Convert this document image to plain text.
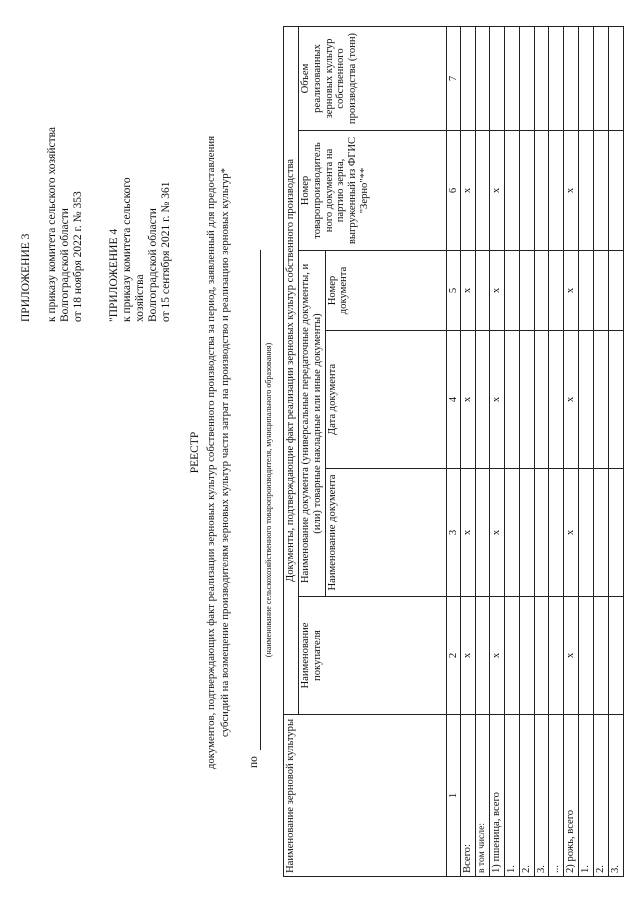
ПРИЛОЖЕНИЕ 3 к приказу комитета сельского хозяйства Волгоградской области от 18 ноября 2022 г. № 353 "ПРИЛОЖЕНИЕ 4 к приказу комитета сельского хозяйства Волгоградской области от 15 сентября 2021 г. № 361
РЕЕСТР документов, подтверждающих факт реализации зерновых культур собственного производства за период, заявленный для предоставления субсидий на возмещение производителям зерновых культур части затрат на производство и реализацию зерновых культур*
по
(наименование сельскохозяйственного товаропроизводителя, муниципального образования)
Наименование зерновой культуры	Документы, подтверждающие факт реализации зерновых культур собственного производства					
	Наименование покупателя	Наименование документа (универсальные передаточные документы, и (или) товарные накладные или иные документы)			Номер товаропроизводитель ного документа на партию зерна, выгруженный из ФГИС "Зерно"**	Объем реализованных зерновых культур собственного производства (тонн)
		Наименование документа	Дата документа	Номер документа		
1	2	3	4	5	6	7
Всего:	х	х	х	х	х	
в том числе:						
1) пшеница, всего	х	х	х	х	х	
1.						
2.						
3.						
...						
2) рожь, всего	х	х	х	х	х	
1.						
2.						
3.						
